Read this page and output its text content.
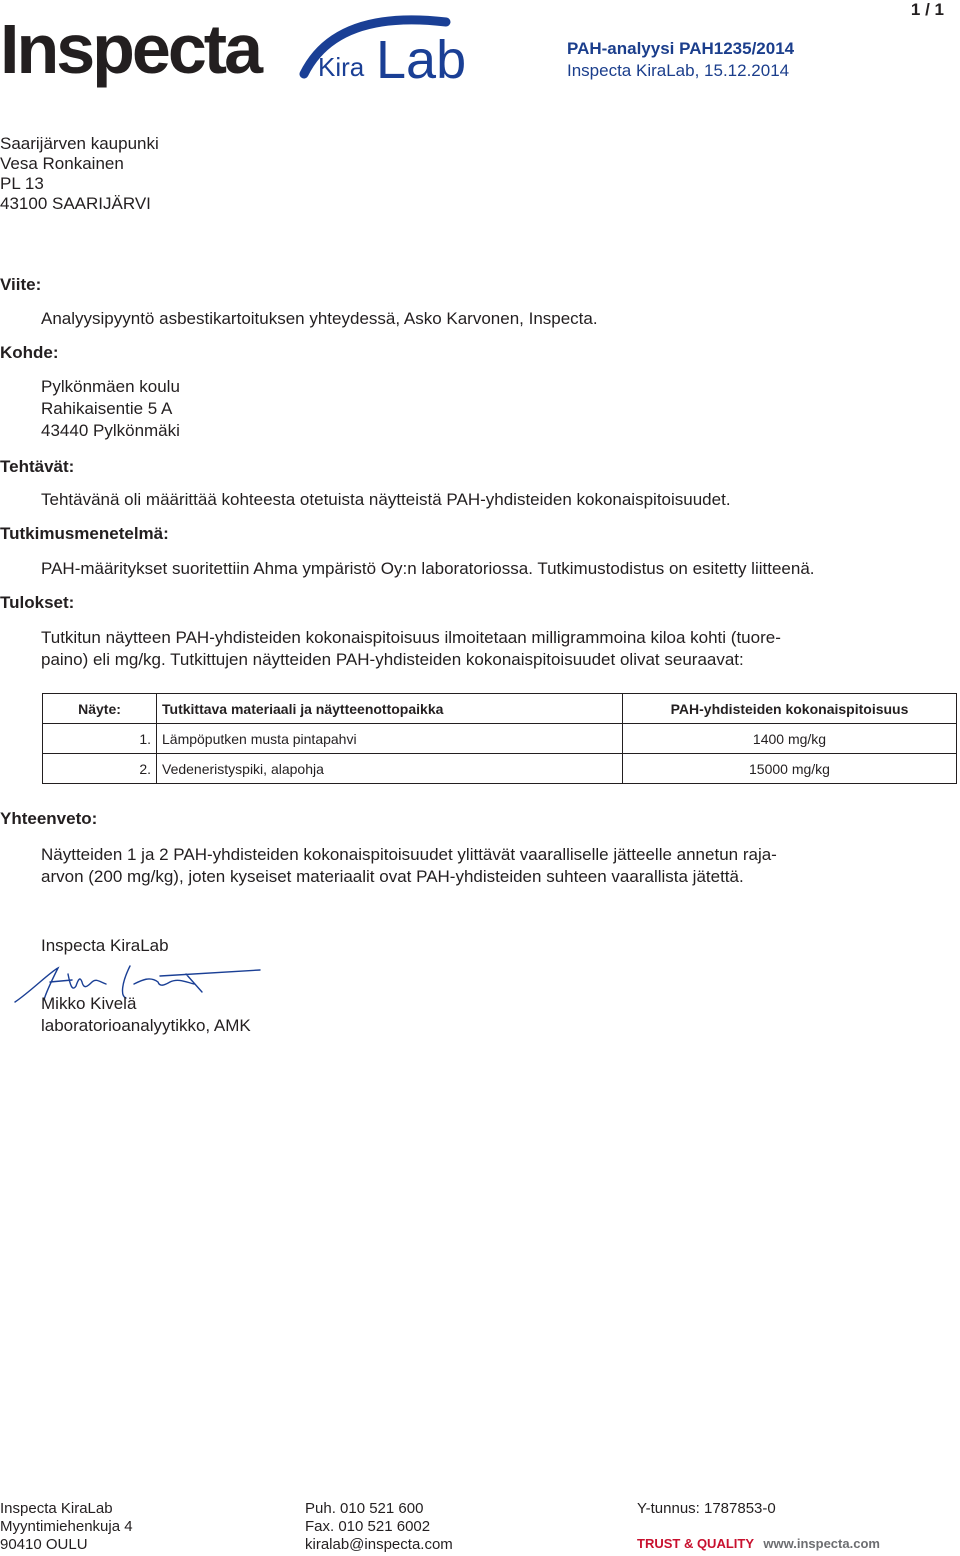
1 / 1
Inspecta Kira Lab	PAH-analyysi PAH1235/2014
Inspecta KiraLab, 15.12.2014
Saarijärven kaupunki
Vesa Ronkainen
PL 13
43100 SAARIJÄRVI
Viite:
Analyysipyyntö asbestikartoituksen yhteydessä, Asko Karvonen, Inspecta.
Kohde:
Pylkönmäen koulu
Rahikaisentie 5 A
43440 Pylkönmäki
Tehtävät:
Tehtävänä oli määrittää kohteesta otetuista näytteistä PAH-yhdisteiden kokonaispitoisuudet.
Tutkimusmenetelmä:
PAH-määritykset suoritettiin Ahma ympäristö Oy:n laboratoriossa. Tutkimustodistus on esitetty liitteenä.
Tulokset:
Tutkitun näytteen PAH-yhdisteiden kokonaispitoisuus ilmoitetaan milligrammoina kiloa kohti (tuore-
paino) eli mg/kg. Tutkittujen näytteiden PAH-yhdisteiden kokonaispitoisuudet olivat seuraavat:
Näyte:	Tutkittava materiaali ja näytteenottopaikka	PAH-yhdisteiden kokonaispitoisuus
1.	Lämpöputken musta pintapahvi	1400 mg/kg
2.	Vedeneristyspiki, alapohja	15000 mg/kg
Yhteenveto:
Näytteiden 1 ja 2 PAH-yhdisteiden kokonaispitoisuudet ylittävät vaaralliselle jätteelle annetun raja-
arvon (200 mg/kg), joten kyseiset materiaalit ovat PAH-yhdisteiden suhteen vaarallista jätettä.
Inspecta KiraLab
Mikko Kivelä
laboratorioanalyytikko, AMK
Inspecta KiraLab
Myyntimiehenkuja 4
90410 OULU
Puh. 010 521 600
Fax. 010 521 6002
kiralab@inspecta.com
Y-tunnus: 1787853-0
TRUST & QUALITY www.inspecta.com
